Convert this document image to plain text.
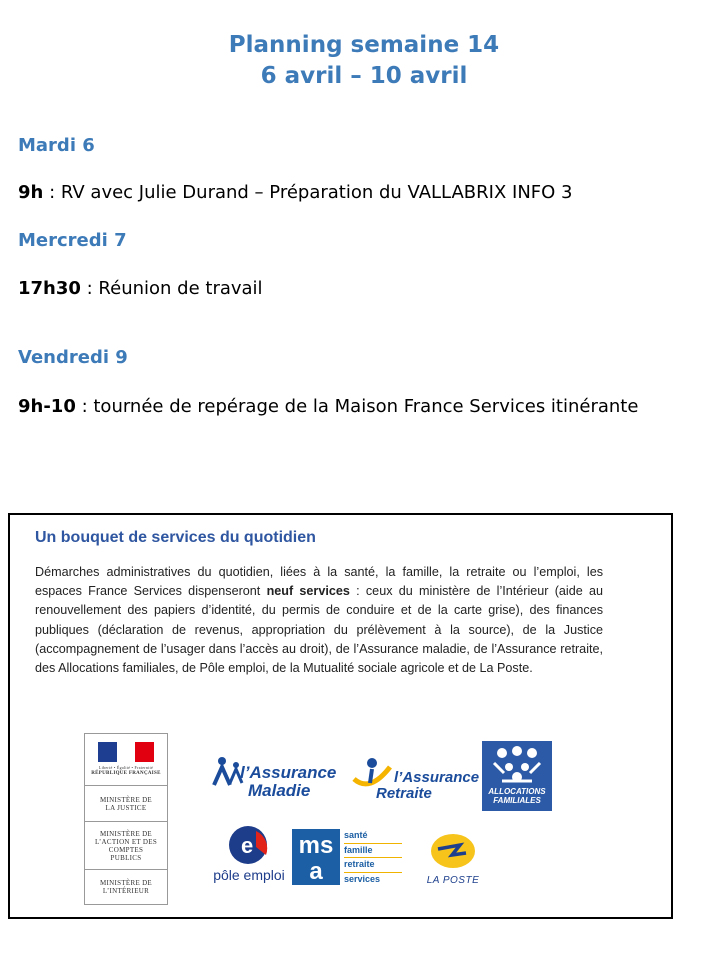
Planning semaine 14
6 avril – 10 avril
Mardi 6
9h : RV avec Julie Durand – Préparation du VALLABRIX INFO 3
Mercredi 7
17h30 : Réunion de travail
Vendredi 9
9h-10 : tournée de repérage de la Maison France Services itinérante
Un bouquet de services du quotidien
Démarches administratives du quotidien, liées à la santé, la famille, la retraite ou l’emploi, les espaces France Services dispenseront neuf services : ceux du ministère de l’Intérieur (aide au renouvellement des papiers d’identité, du permis de conduire et de la carte grise), des finances publiques (déclaration de revenus, appropriation du prélèvement à la source), de la Justice (accompagnement de l’usager dans l’accès au droit), de l’Assurance maladie, de l’Assurance retraite, des Allocations familiales, de Pôle emploi, de la Mutualité sociale agricole et de La Poste.
Liberté • Égalité • Fraternité
RÉPUBLIQUE FRANÇAISE
MINISTÈRE DE LA JUSTICE
MINISTÈRE DE L’ACTION ET DES COMPTES PUBLICS
MINISTÈRE DE L’INTÉRIEUR
l’Assurance
Maladie
l’Assurance
Retraite	ALLOCATIONS
FAMILIALES
e
pôle emploi
msa
santé
famille
retraite
services	LA POSTE
